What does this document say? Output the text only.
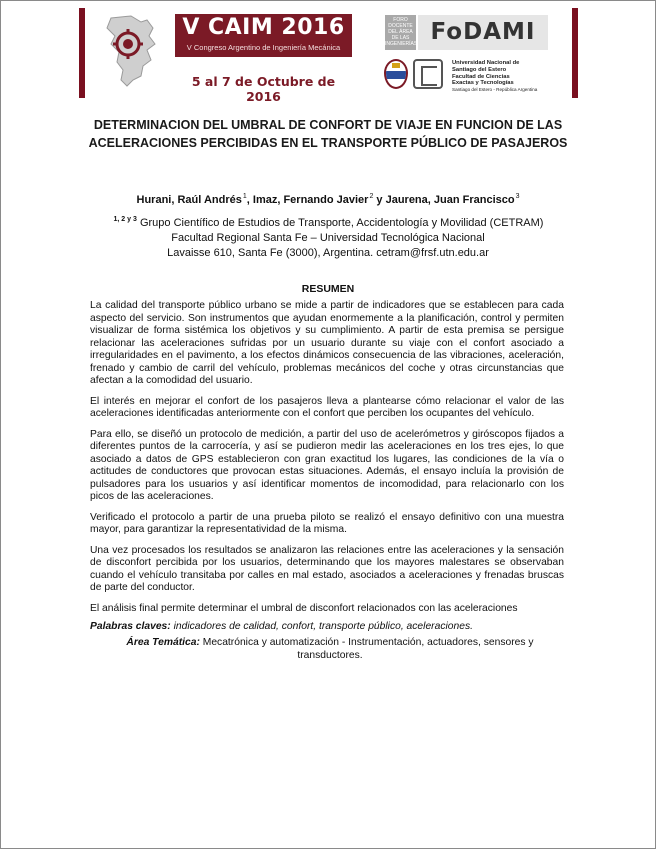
V CAIM 2016
V Congreso Argentino de Ingeniería Mecánica
5 al 7 de Octubre de 2016
FORO DOCENTE DEL ÁREA DE LAS INGENIERÍAS FoDAMI
Universidad Nacional de
Santiago del Estero
Facultad de Ciencias
Exactas y Tecnologías
Santiago del Estero - República Argentina
DETERMINACION DEL UMBRAL DE CONFORT DE VIAJE EN FUNCION DE LAS ACELERACIONES PERCIBIDAS EN EL TRANSPORTE PÚBLICO DE PASAJEROS
Hurani, Raúl Andrés$^1$, Imaz, Fernando Javier$^2$ y Jaurena, Juan Francisco$^3$
$^{1, 2 y 3}$ Grupo Científico de Estudios de Transporte, Accidentología y Movilidad (CETRAM)
Facultad Regional Santa Fe – Universidad Tecnológica Nacional
Lavaisse 610, Santa Fe (3000), Argentina. cetram@frsf.utn.edu.ar
RESUMEN

La calidad del transporte público urbano se mide a partir de indicadores que se establecen para cada aspecto del servicio. Son instrumentos que ayudan enormemente a la planificación, control y permiten visualizar de forma sistémica los objetivos y su cumplimiento. A partir de esta premisa se persigue relacionar las aceleraciones sufridas por un usuario durante su viaje con el confort asociado a irregularidades en el pavimento, a los efectos dinámicos consecuencia de las vibraciones, aceleración, frenado y cambio de carril del vehículo, problemas mecánicos del coche y otras circunstancias que afectan a la comodidad del usuario.

El interés en mejorar el confort de los pasajeros lleva a plantearse cómo relacionar el valor de las aceleraciones identificadas anteriormente con el confort que perciben los ocupantes del vehículo.

Para ello, se diseñó un protocolo de medición, a partir del uso de acelerómetros y giróscopos fijados a diferentes puntos de la carrocería, y así se pudieron medir las aceleraciones en los tres ejes, lo que asociado a datos de GPS establecieron con gran exactitud los lugares, las condiciones de la vía o actitudes de conductores que provocan estas situaciones. Además, el ensayo incluía la provisión de pulsadores para los usuarios y así identificar momentos de incomodidad, para relacionarlo con los picos de las aceleraciones.

Verificado el protocolo a partir de una prueba piloto se realizó el ensayo definitivo con una muestra mayor, para garantizar la representatividad de la misma.

Una vez procesados los resultados se analizaron las relaciones entre las aceleraciones y la sensación de disconfort percibida por los usuarios, determinando que los mayores malestares se observaban cuando el vehículo transitaba por calles en mal estado, asociados a aceleraciones y frenadas bruscas de parte del conductor.

El análisis final permite determinar el umbral de disconfort relacionados con las aceleraciones

Palabras claves: indicadores de calidad, confort, transporte público, aceleraciones.
Área Temática: Mecatrónica y automatización - Instrumentación, actuadores, sensores y transductores.
